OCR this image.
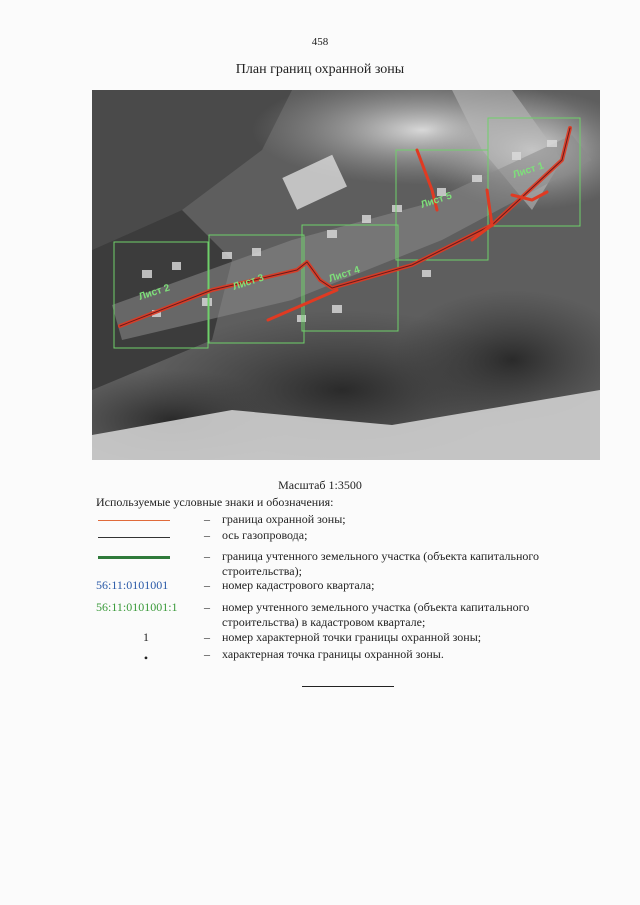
458
План границ охранной зоны
Лист 2	Лист 3	Лист 4
Лист 5
Лист 1
Масштаб 1:3500
Используемые условные знаки и обозначения:
–	граница охранной зоны;
–	ось газопровода;
–	граница учтенного земельного участка (объекта капитального строительства);
56:11:0101001	–	номер кадастрового квартала;
56:11:0101001:1 –	номер учтенного земельного участка (объекта капитального строительства) в кадастровом квартале;
1	–	номер характерной точки границы охранной зоны;
•	–	характерная точка границы охранной зоны.
